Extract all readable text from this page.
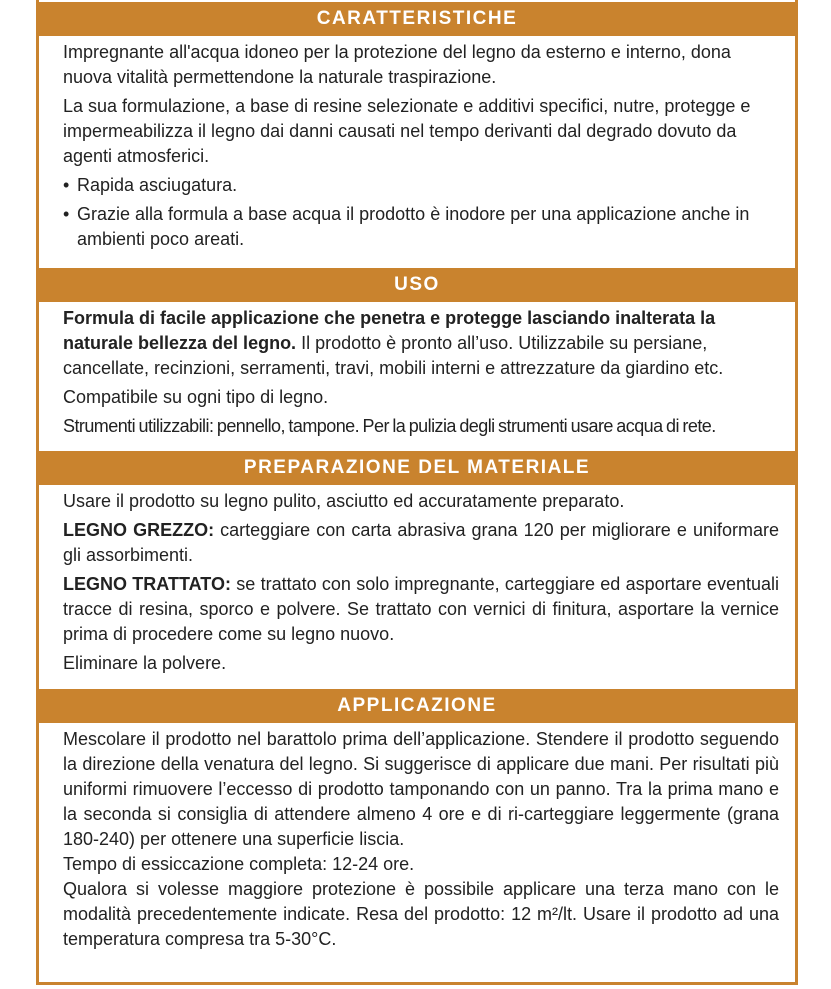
CARATTERISTICHE

Impregnante all'acqua idoneo per la protezione del legno da esterno e interno, dona nuova vitalità permettendone la naturale traspirazione.

La sua formulazione, a base di resine selezionate e additivi specifici, nutre, protegge e impermeabilizza il legno dai danni causati nel tempo derivanti dal degrado dovuto da agenti atmosferici.

• Rapida asciugatura.
• Grazie alla formula a base acqua il prodotto è inodore per una applicazione anche in ambienti poco areati.
USO

Formula di facile applicazione che penetra e protegge lasciando inalterata la naturale bellezza del legno. Il prodotto è pronto all’uso. Utilizzabile su persiane, cancellate, recinzioni, serramenti, travi, mobili interni e attrezzature da giardino etc.

Compatibile su ogni tipo di legno.

Strumenti utilizzabili: pennello, tampone. Per la pulizia degli strumenti usare acqua di rete.

PREPARAZIONE DEL MATERIALE

Usare il prodotto su legno pulito, asciutto ed accuratamente preparato.

LEGNO GREZZO: carteggiare con carta abrasiva grana 120 per migliorare e uniformare gli assorbimenti.

LEGNO TRATTATO: se trattato con solo impregnante, carteggiare ed asportare eventuali tracce di resina, sporco e polvere. Se trattato con vernici di finitura, asportare la vernice prima di procedere come su legno nuovo.

Eliminare la polvere.

APPLICAZIONE

Mescolare il prodotto nel barattolo prima dell’applicazione. Stendere il prodotto seguendo la direzione della venatura del legno. Si suggerisce di applicare due mani. Per risultati più uniformi rimuovere l’eccesso di prodotto tamponando con un panno. Tra la prima mano e la seconda si consiglia di attendere almeno 4 ore e di ri-carteggiare leggermente (grana 180-240) per ottenere una superficie liscia.

Tempo di essiccazione completa: 12-24 ore.

Qualora si volesse maggiore protezione è possibile applicare una terza mano con le modalità precedentemente indicate. Resa del prodotto: 12 m²/lt. Usare il prodotto ad una temperatura compresa tra 5-30°C.
